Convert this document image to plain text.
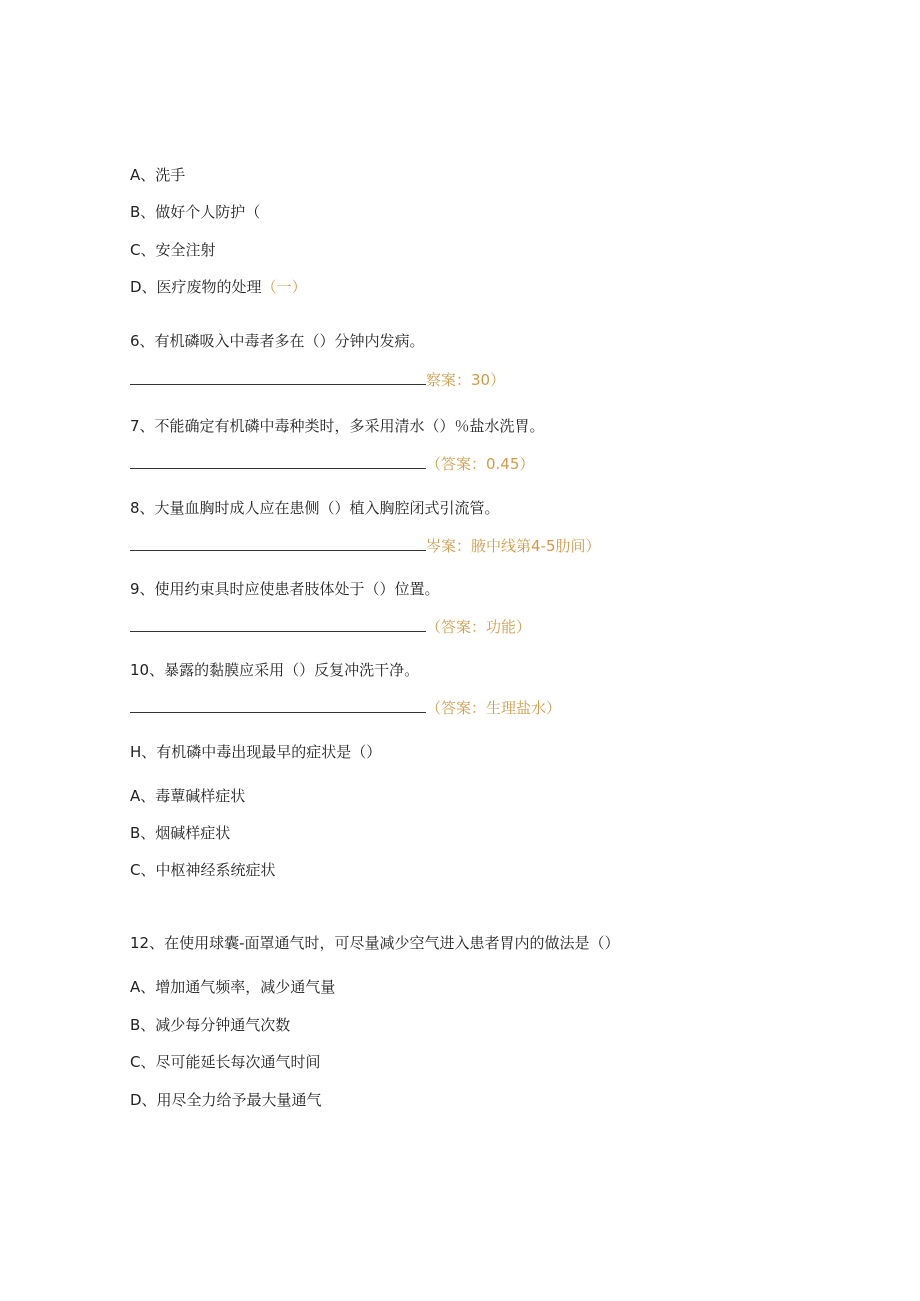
A、洗手
B、做好个人防护（
C、安全注射
D、医疗废物的处理（一）
6、有机磷吸入中毒者多在（）分钟内发病。
察案：30）
7、不能确定有机磷中毒种类时，多采用清水（）％盐水洗胃。
（答案：0.45）
8、大量血胸时成人应在患侧（）植入胸腔闭式引流管。
岑案：腋中线第4-5肋间）
9、使用约束具时应使患者肢体处于（）位置。
（答案：功能）
10、暴露的黏膜应采用（）反复冲洗干净。
（答案：生理盐水）
H、有机磷中毒出现最早的症状是（）
A、毒蕈碱样症状
B、烟碱样症状
C、中枢神经系统症状
12、在使用球囊-面罩通气时，可尽量减少空气进入患者胃内的做法是（）
A、增加通气频率，减少通气量
B、减少每分钟通气次数
C、尽可能延长每次通气时间
D、用尽全力给予最大量通气
